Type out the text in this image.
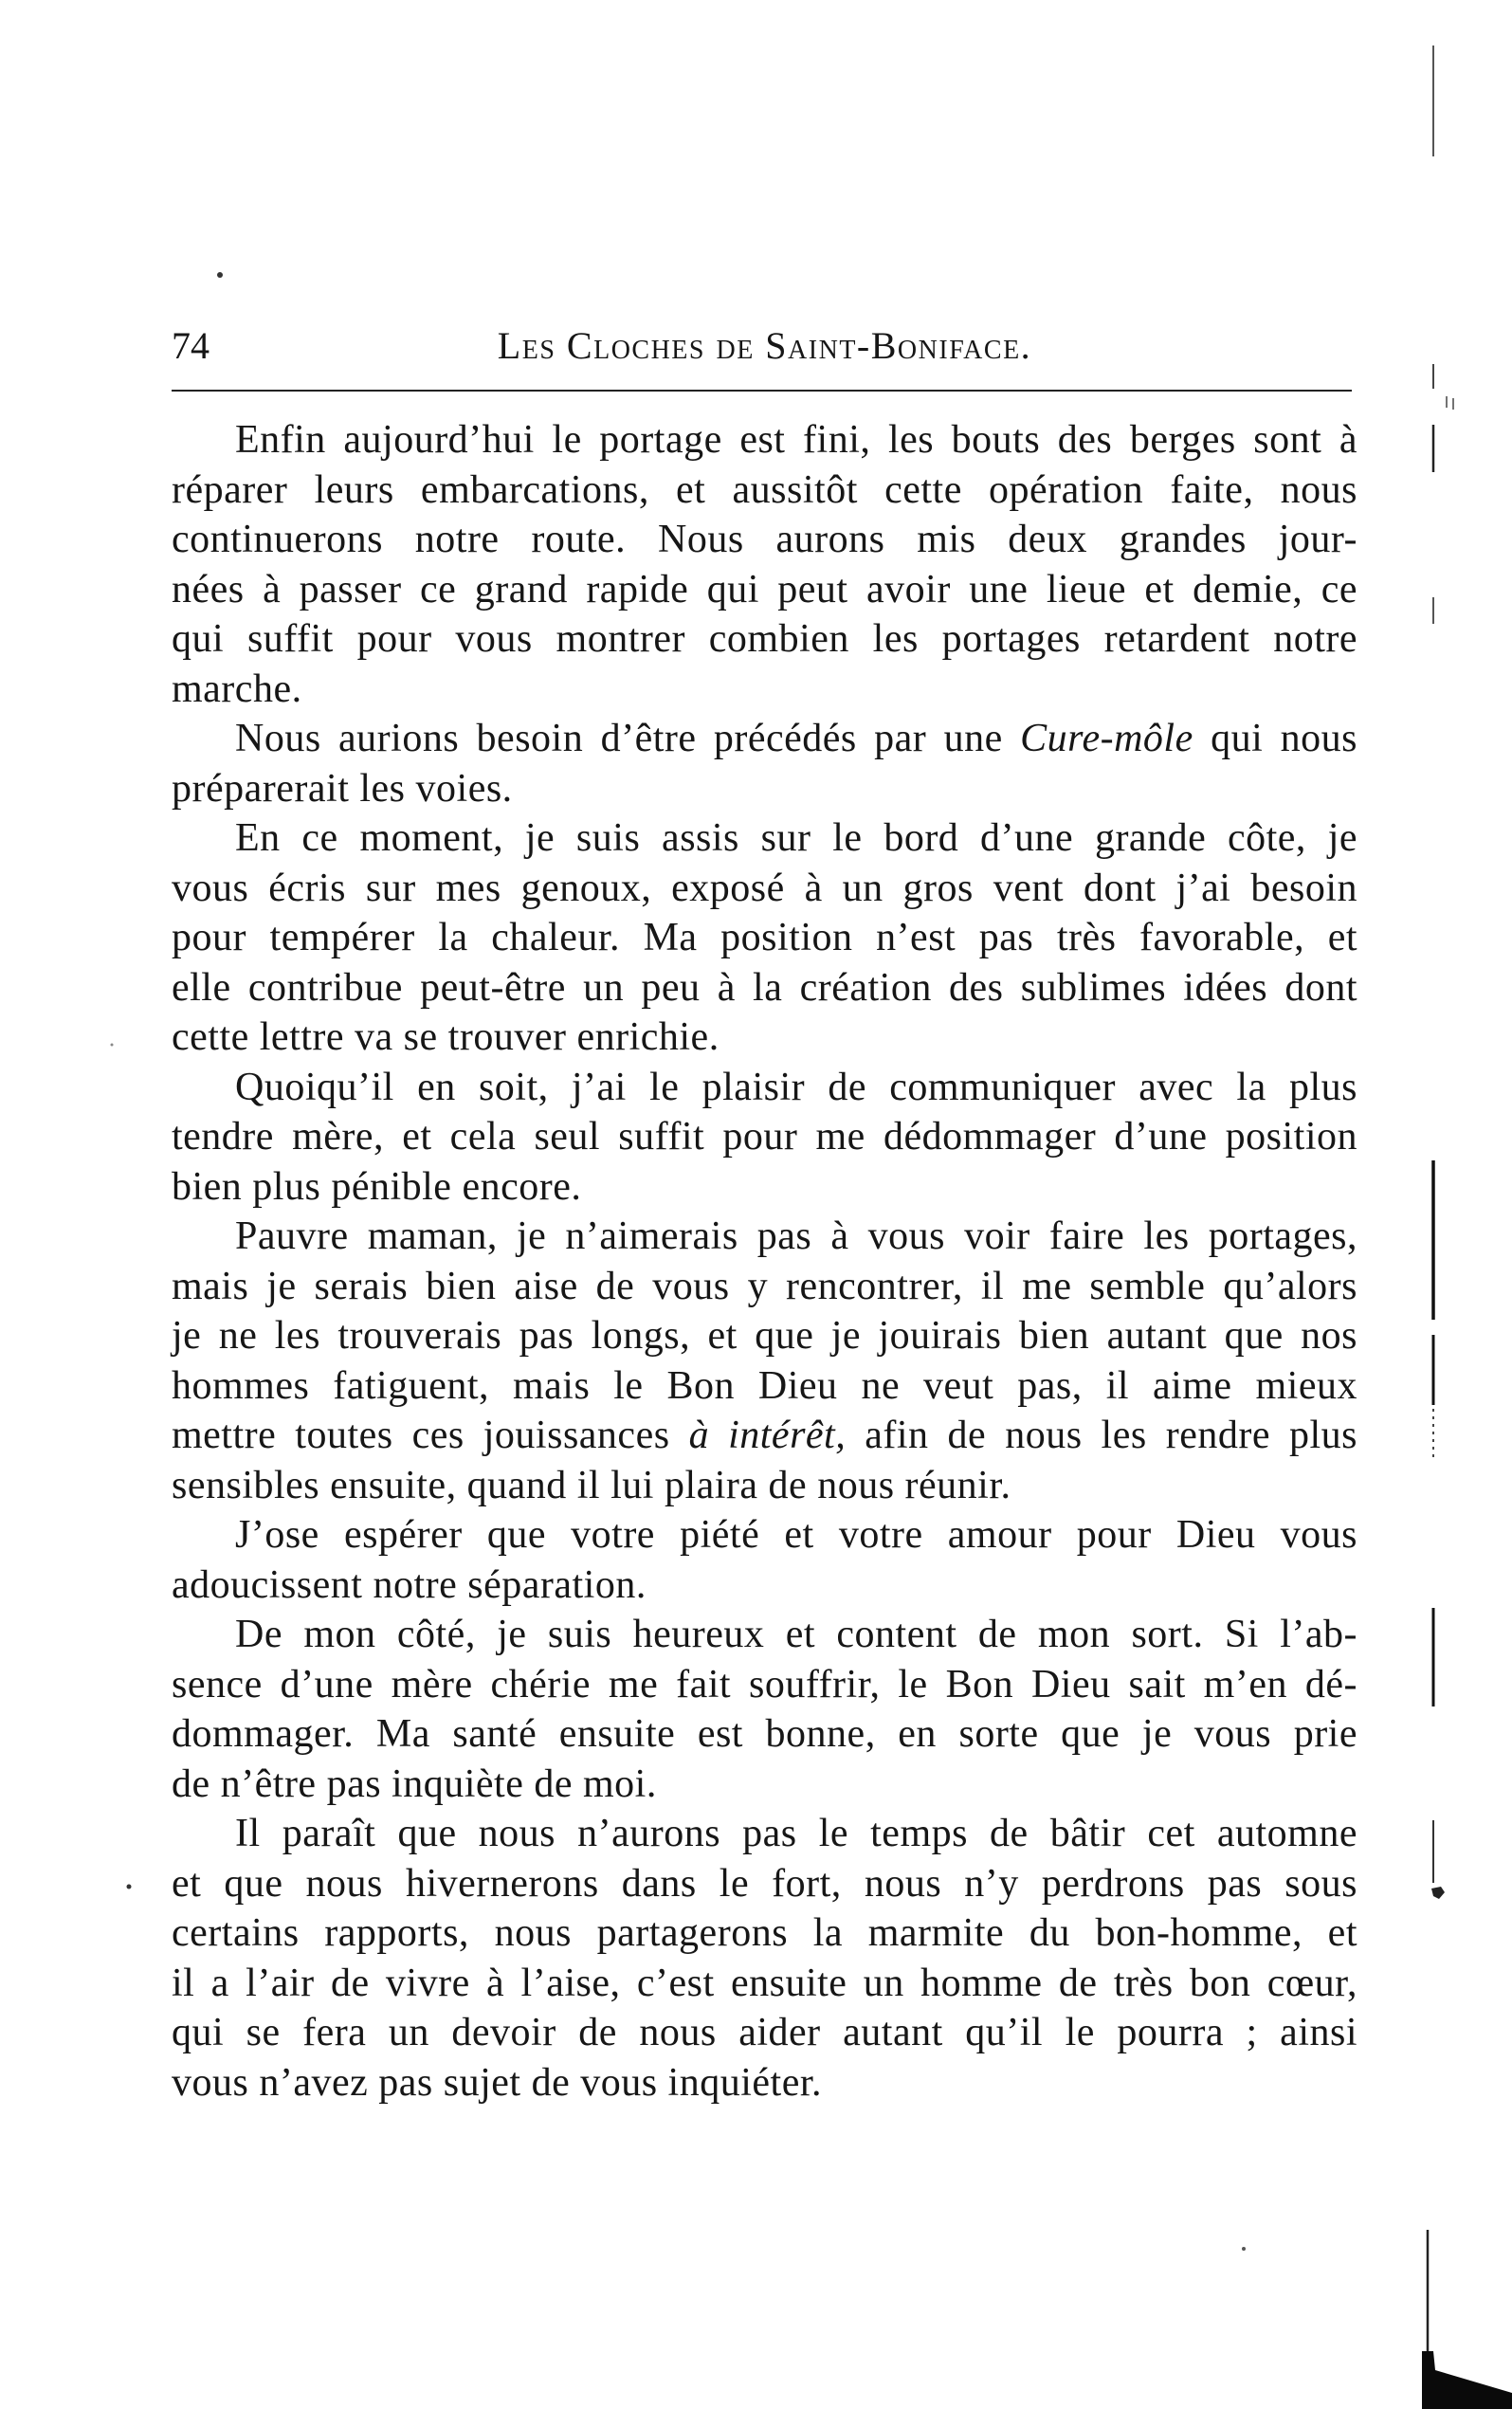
74	Les Cloches de Saint-Boniface.
Enfin aujourd’hui le portage est fini, les bouts des berges sont à
réparer leurs embarcations, et aussitôt cette opération faite, nous
continuerons notre route. Nous aurons mis deux grandes jour-
nées à passer ce grand rapide qui peut avoir une lieue et demie, ce
qui suffit pour vous montrer combien les portages retardent notre
marche.
Nous aurions besoin d’être précédés par une Cure-môle qui nous
préparerait les voies.
En ce moment, je suis assis sur le bord d’une grande côte, je
vous écris sur mes genoux, exposé à un gros vent dont j’ai besoin
pour tempérer la chaleur. Ma position n’est pas très favorable, et
elle contribue peut-être un peu à la création des sublimes idées dont
cette lettre va se trouver enrichie.
Quoiqu’il en soit, j’ai le plaisir de communiquer avec la plus
tendre mère, et cela seul suffit pour me dédommager d’une position
bien plus pénible encore.
Pauvre maman, je n’aimerais pas à vous voir faire les portages,
mais je serais bien aise de vous y rencontrer, il me semble qu’alors
je ne les trouverais pas longs, et que je jouirais bien autant que nos
hommes fatiguent, mais le Bon Dieu ne veut pas, il aime mieux
mettre toutes ces jouissances à intérêt, afin de nous les rendre plus
sensibles ensuite, quand il lui plaira de nous réunir.
J’ose espérer que votre piété et votre amour pour Dieu vous
adoucissent notre séparation.
De mon côté, je suis heureux et content de mon sort. Si l’ab-
sence d’une mère chérie me fait souffrir, le Bon Dieu sait m’en dé-
dommager. Ma santé ensuite est bonne, en sorte que je vous prie
de n’être pas inquiète de moi.
Il paraît que nous n’aurons pas le temps de bâtir cet automne
et que nous hivernerons dans le fort, nous n’y perdrons pas sous
certains rapports, nous partagerons la marmite du bon-homme, et
il a l’air de vivre à l’aise, c’est ensuite un homme de très bon cœur,
qui se fera un devoir de nous aider autant qu’il le pourra ; ainsi
vous n’avez pas sujet de vous inquiéter.
